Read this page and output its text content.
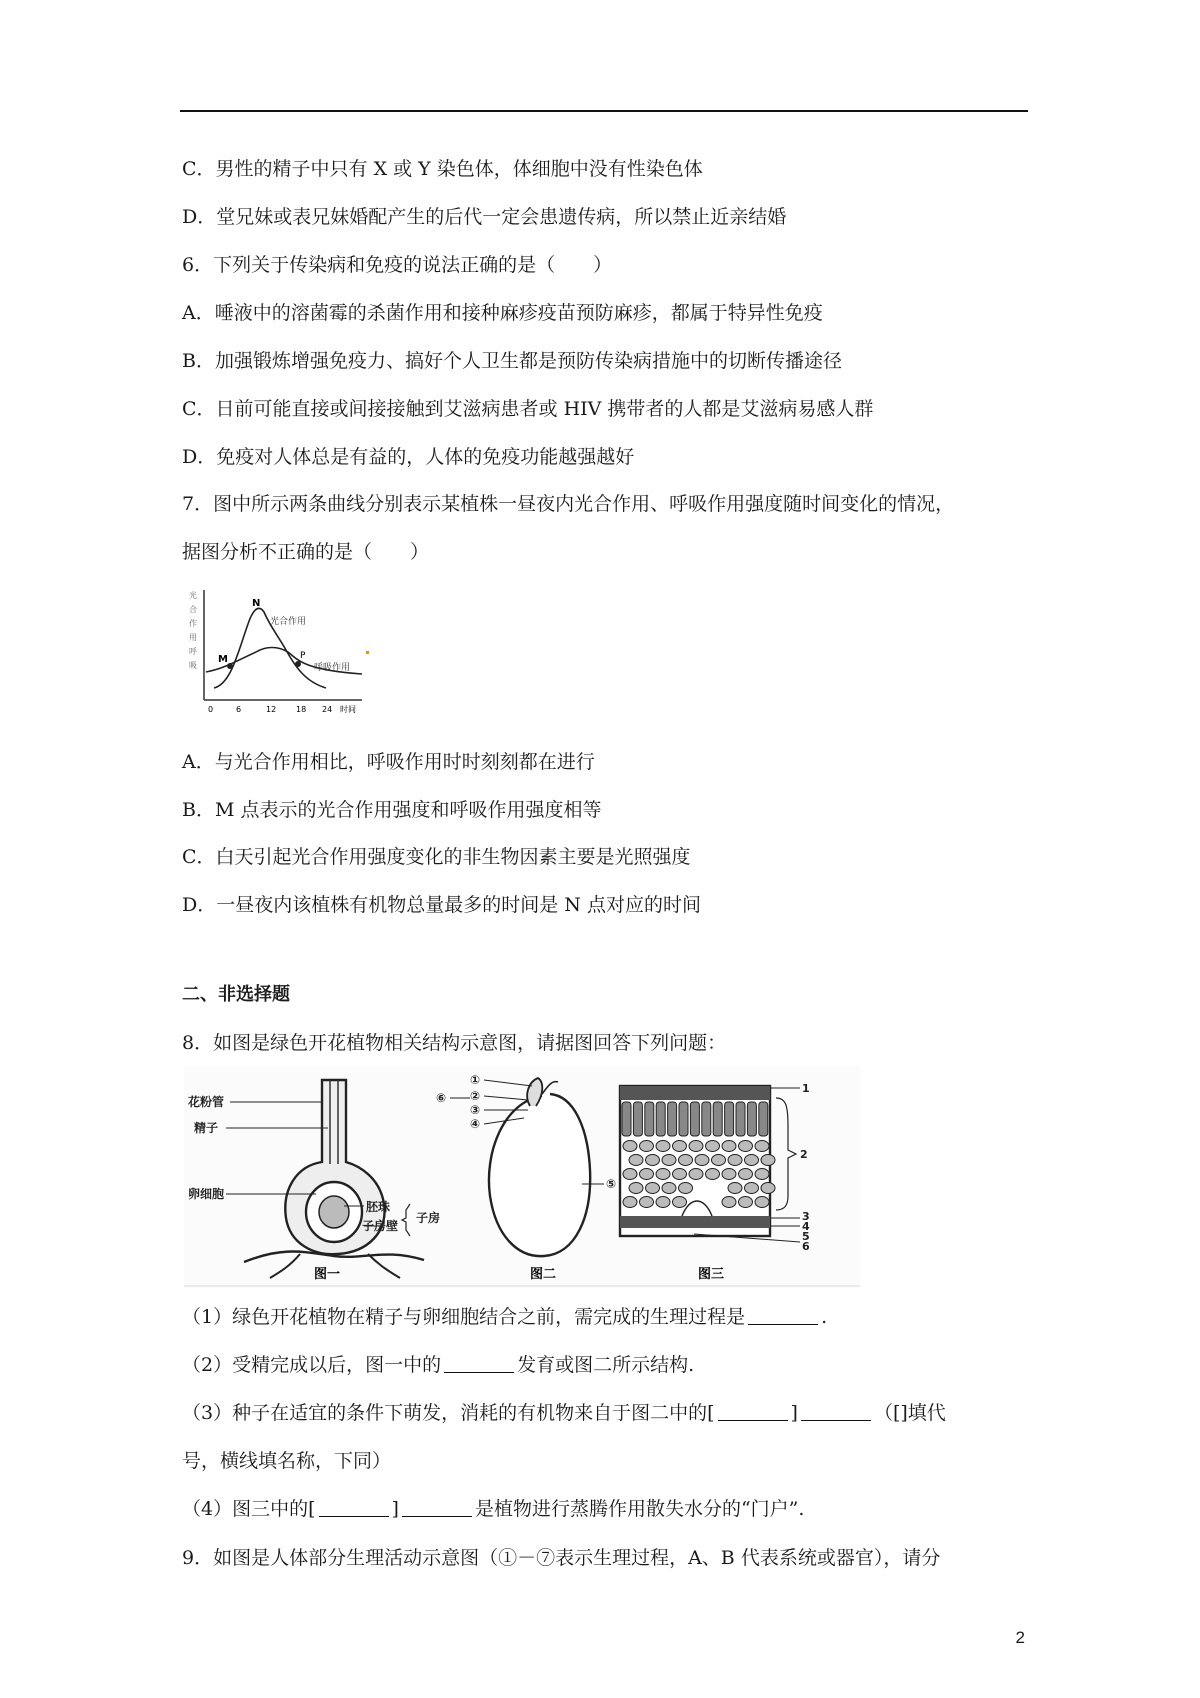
C．男性的精子中只有 X 或 Y 染色体，体细胞中没有性染色体
D．堂兄妹或表兄妹婚配产生的后代一定会患遗传病，所以禁止近亲结婚
6．下列关于传染病和免疫的说法正确的是（　　）
A．唾液中的溶菌霉的杀菌作用和接种麻疹疫苗预防麻疹，都属于特异性免疫
B．加强锻炼增强免疫力、搞好个人卫生都是预防传染病措施中的切断传播途径
C．日前可能直接或间接接触到艾滋病患者或 HIV 携带者的人都是艾滋病易感人群
D．免疫对人体总是有益的，人体的免疫功能越强越好
7．图中所示两条曲线分别表示某植株一昼夜内光合作用、呼吸作用强度随时间变化的情况，
据图分析不正确的是（　　）
光
合
作
用
呼
吸
M
N
P
光合作用
呼吸作用
0	6	12 18 24 时间
A．与光合作用相比，呼吸作用时时刻刻都在进行
B．M 点表示的光合作用强度和呼吸作用强度相等
C．白天引起光合作用强度变化的非生物因素主要是光照强度
D．一昼夜内该植株有机物总量最多的时间是 N 点对应的时间
二、非选择题
8．如图是绿色开花植物相关结构示意图，请据图回答下列问题：
花粉管
精子
卵细胞
胚珠
子房壁
子房
图一
①
②
③
④
⑤
⑥
图二
1
2
3
4
5
6
图三
（1）绿色开花植物在精子与卵细胞结合之前，需完成的生理过程是	.
（2）受精完成以后，图一中的	发育或图二所示结构.
（3）种子在适宜的条件下萌发，消耗的有机物来自于图二中的[	]	（[]填代
号，横线填名称，下同）
（4）图三中的[	]	是植物进行蒸腾作用散失水分的“门户”.
9．如图是人体部分生理活动示意图（①－⑦表示生理过程，A、B 代表系统或器官），请分
2
